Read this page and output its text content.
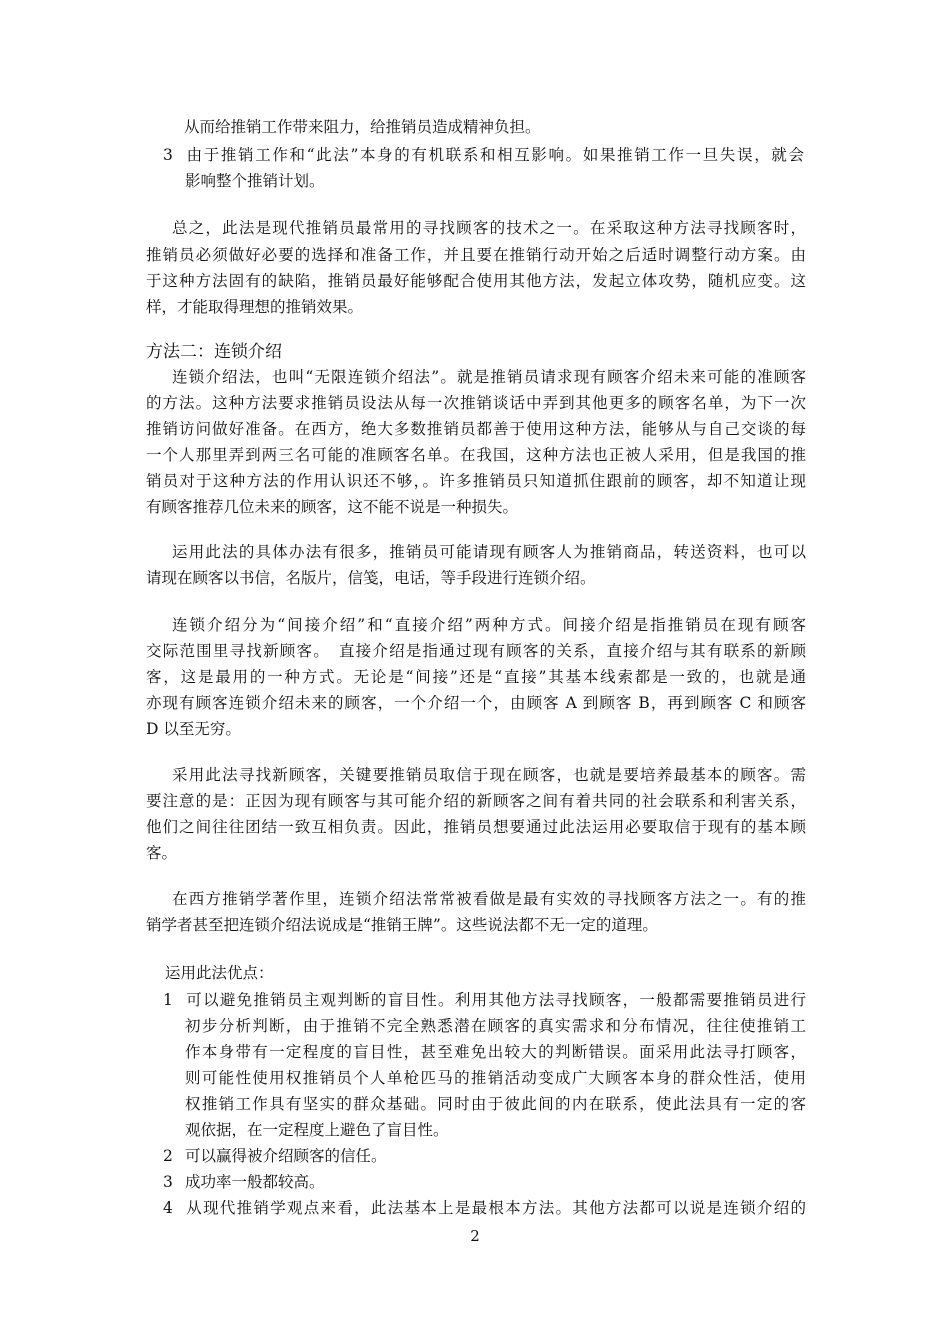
从而给推销工作带来阻力，给推销员造成精神负担。
3 由于推销工作和“此法”本身的有机联系和相互影响。如果推销工作一旦失误，就会
影响整个推销计划。
总之，此法是现代推销员最常用的寻找顾客的技术之一。在采取这种方法寻找顾客时，
推销员必须做好必要的选择和准备工作，并且要在推销行动开始之后适时调整行动方案。由
于这种方法固有的缺陷，推销员最好能够配合使用其他方法，发起立体攻势，随机应变。这
样，才能取得理想的推销效果。
方法二：连锁介绍
连锁介绍法，也叫“无限连锁介绍法”。就是推销员请求现有顾客介绍未来可能的准顾客
的方法。这种方法要求推销员设法从每一次推销谈话中弄到其他更多的顾客名单，为下一次
推销访问做好准备。在西方，绝大多数推销员都善于使用这种方法，能够从与自己交谈的每
一个人那里弄到两三名可能的准顾客名单。在我国，这种方法也正被人采用，但是我国的推
销员对于这种方法的作用认识还不够，。许多推销员只知道抓住跟前的顾客，却不知道让现
有顾客推荐几位未来的顾客，这不能不说是一种损失。
运用此法的具体办法有很多，推销员可能请现有顾客人为推销商品，转送资料，也可以
请现在顾客以书信，名版片，信笺，电话，等手段进行连锁介绍。
连锁介绍分为“间接介绍”和“直接介绍”两种方式。间接介绍是指推销员在现有顾客
交际范围里寻找新顾客。　直接介绍是指通过现有顾客的关系，直接介绍与其有联系的新顾
客，这是最用的一种方式。无论是“间接”还是“直接”其基本线索都是一致的，也就是通
亦现有顾客连锁介绍未来的顾客，一个介绍一个，由顾客 A 到顾客 B，再到顾客 C 和顾客
D 以至无穷。
采用此法寻找新顾客，关键要推销员取信于现在顾客，也就是要培养最基本的顾客。需
要注意的是：正因为现有顾客与其可能介绍的新顾客之间有着共同的社会联系和利害关系，
他们之间往往团结一致互相负责。因此，推销员想要通过此法运用必要取信于现有的基本顾
客。
在西方推销学著作里，连锁介绍法常常被看做是最有实效的寻找顾客方法之一。有的推
销学者甚至把连锁介绍法说成是“推销王牌”。这些说法都不无一定的道理。
运用此法优点：
1 可以避免推销员主观判断的盲目性。利用其他方法寻找顾客，一般都需要推销员进行
初步分析判断，由于推销不完全熟悉潜在顾客的真实需求和分布情况，往往使推销工
作本身带有一定程度的盲目性，甚至难免出较大的判断错误。面采用此法寻打顾客，
则可能性使用权推销员个人单枪匹马的推销活动变成广大顾客本身的群众性活，使用
权推销工作具有坚实的群众基础。同时由于彼此间的内在联系，使此法具有一定的客
观依据，在一定程度上避色了盲目性。
2 可以赢得被介绍顾客的信任。
3 成功率一般都较高。
4 从现代推销学观点来看，此法基本上是最根本方法。其他方法都可以说是连锁介绍的
2
